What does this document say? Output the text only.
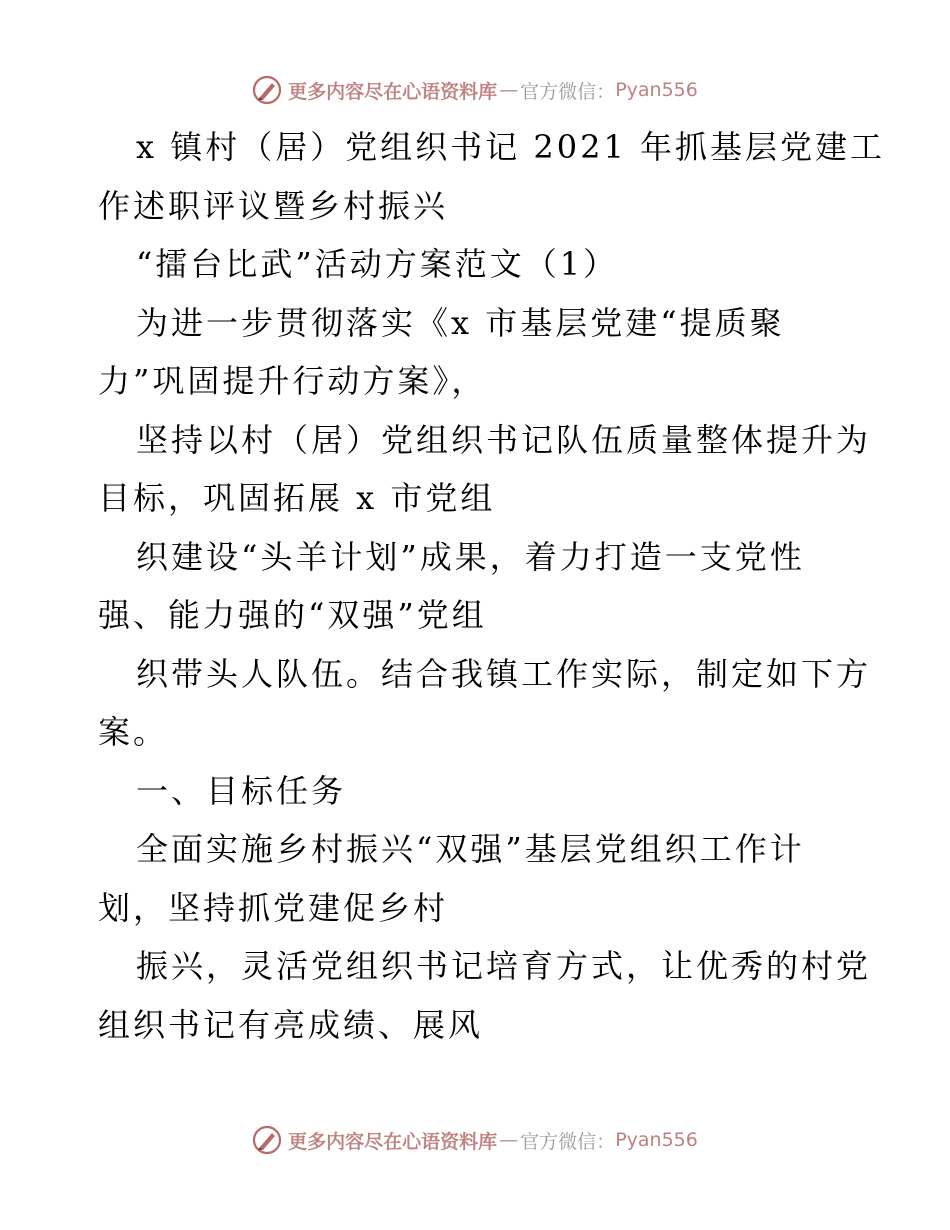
更多内容尽在心语资料库 — 官方微信： Pyan556
x 镇村（居）党组织书记 2021 年抓基层党建工
作述职评议暨乡村振兴
“擂台比武”活动方案范文（1）
为进一步贯彻落实《x 市基层党建“提质聚
力”巩固提升行动方案》，
坚持以村（居）党组织书记队伍质量整体提升为
目标，巩固拓展 x 市党组
织建设“头羊计划”成果，着力打造一支党性
强、能力强的“双强”党组
织带头人队伍。结合我镇工作实际，制定如下方
案。
一、目标任务
全面实施乡村振兴“双强”基层党组织工作计
划，坚持抓党建促乡村
振兴，灵活党组织书记培育方式，让优秀的村党
组织书记有亮成绩、展风
更多内容尽在心语资料库 — 官方微信： Pyan556
